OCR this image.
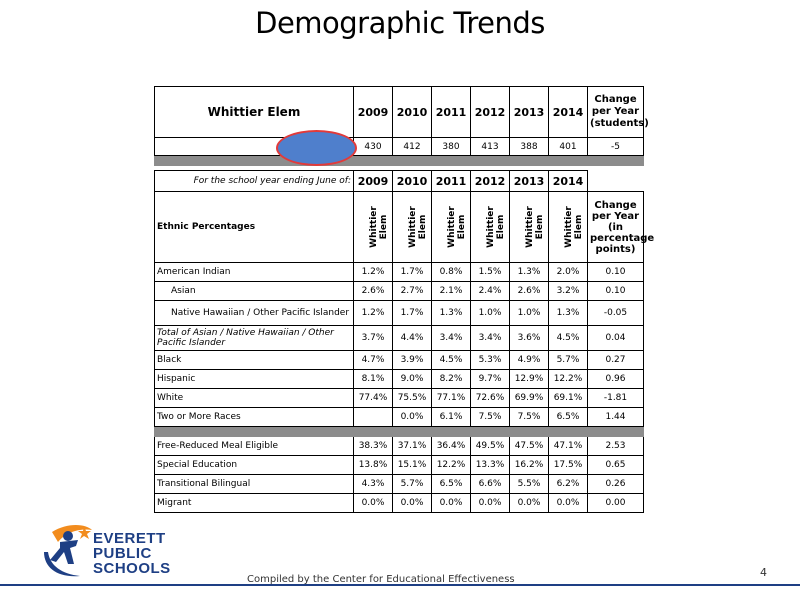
Demographic Trends
Whittier Elem	2009	2010	2011	2012	2013	2014	Change per Year (students)
	430	412	380	413	388	401	-5

For the school year ending June of:	2009	2010	2011	2012	2013	2014	
Ethnic Percentages	Whittier Elem	Whittier Elem	Whittier Elem	Whittier Elem	Whittier Elem	Whittier Elem	Change per Year (in percentage points)
American Indian	1.2%	1.7%	0.8%	1.5%	1.3%	2.0%	0.10
Asian	2.6%	2.7%	2.1%	2.4%	2.6%	3.2%	0.10
Native Hawaiian / Other Pacific Islander	1.2%	1.7%	1.3%	1.0%	1.0%	1.3%	-0.05
Total of Asian / Native Hawaiian / Other Pacific Islander	3.7%	4.4%	3.4%	3.4%	3.6%	4.5%	0.04
Black	4.7%	3.9%	4.5%	5.3%	4.9%	5.7%	0.27
Hispanic	8.1%	9.0%	8.2%	9.7%	12.9%	12.2%	0.96
White	77.4%	75.5%	77.1%	72.6%	69.9%	69.1%	-1.81
Two or More Races		0.0%	6.1%	7.5%	7.5%	6.5%	1.44

Free-Reduced Meal Eligible	38.3%	37.1%	36.4%	49.5%	47.5%	47.1%	2.53
Special Education	13.8%	15.1%	12.2%	13.3%	16.2%	17.5%	0.65
Transitional Bilingual	4.3%	5.7%	6.5%	6.6%	5.5%	6.2%	0.26
Migrant	0.0%	0.0%	0.0%	0.0%	0.0%	0.0%	0.00
EVERETT
PUBLIC
SCHOOLS
Compiled by the Center for Educational Effectiveness
4
